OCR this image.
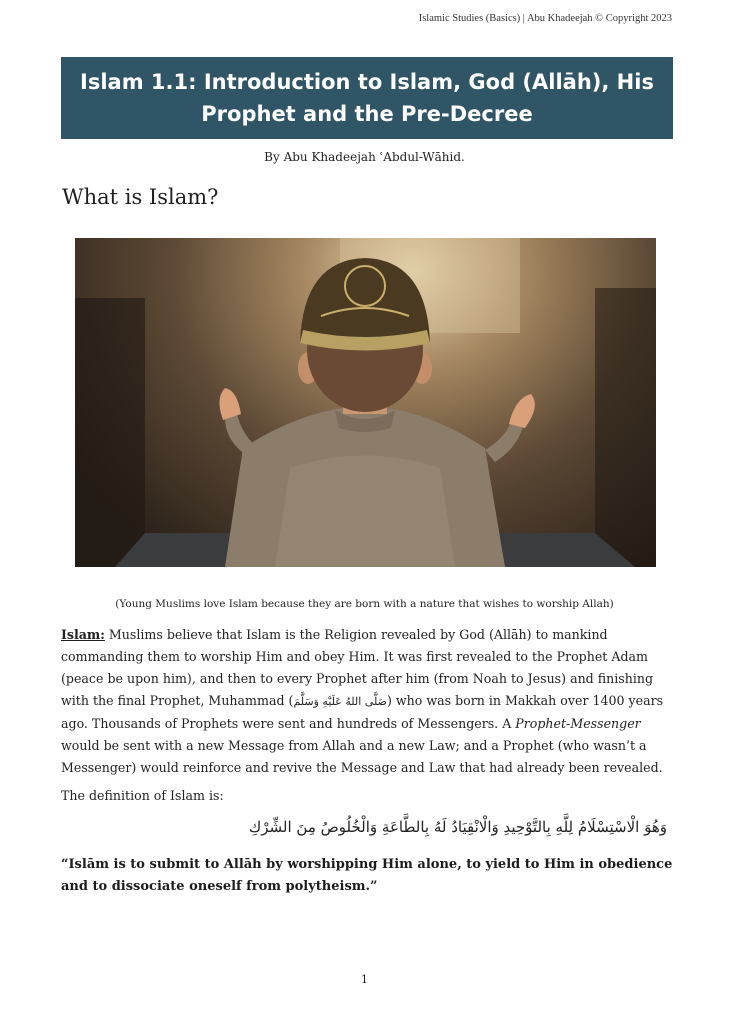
Islamic Studies (Basics) | Abu Khadeejah © Copyright 2023
Islam 1.1: Introduction to Islam, God (Allāh), His Prophet and the Pre-Decree
By Abu Khadeejah ʿAbdul-Wāhid.
What is Islam?
(Young Muslims love Islam because they are born with a nature that wishes to worship Allah)

Islam: Muslims believe that Islam is the Religion revealed by God (Allāh) to mankind commanding them to worship Him and obey Him. It was first revealed to the Prophet Adam (peace be upon him), and then to every Prophet after him (from Noah to Jesus) and finishing with the final Prophet, Muhammad (صَلَّى اللهُ عَلَيْهِ وَسَلَّمَ) who was born in Makkah over 1400 years ago. Thousands of Prophets were sent and hundreds of Messengers. A Prophet-Messenger would be sent with a new Message from Allah and a new Law; and a Prophet (who wasn’t a Messenger) would reinforce and revive the Message and Law that had already been revealed.

The definition of Islam is:

وَهُوَ الْاسْتِسْلَامُ لِلَّهِ بِالتَّوْحِيدِ وَالْانْقِيَادُ لَهُ بِالطَّاعَةِ وَالْخُلُوصُ مِنَ الشِّرْكِ

“Islām is to submit to Allāh by worshipping Him alone, to yield to Him in obedience and to dissociate oneself from polytheism.”

1
